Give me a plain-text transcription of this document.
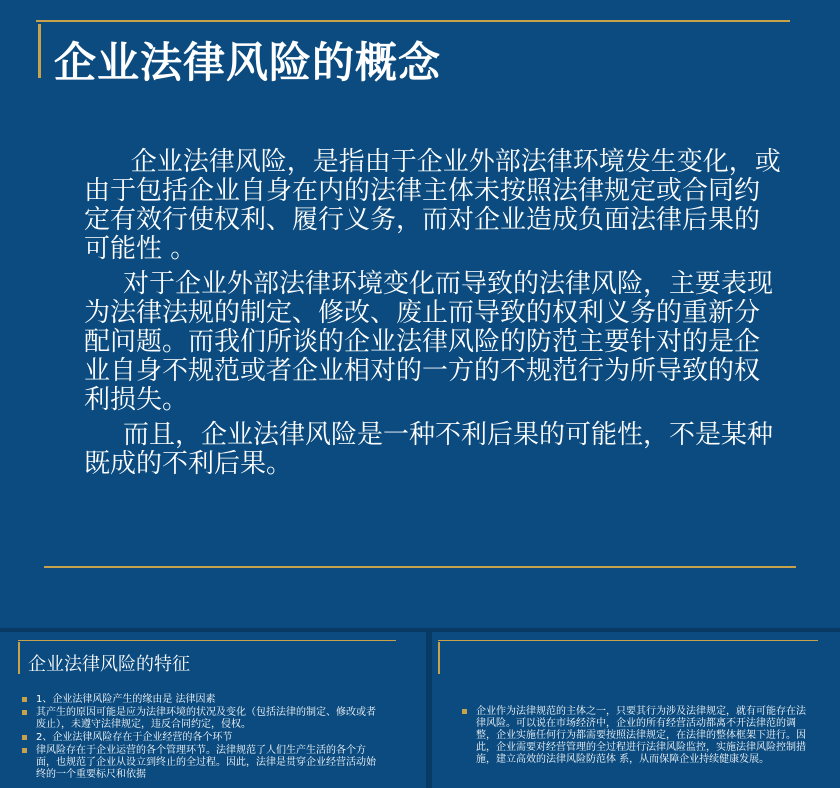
企业法律风险的概念

企业法律风险，是指由于企业外部法律环境发生变化，或由于包括企业自身在内的法律主体未按照法律规定或合同约定有效行使权利、履行义务，而对企业造成负面法律后果的可能性 。

对于企业外部法律环境变化而导致的法律风险，主要表现为法律法规的制定、修改、废止而导致的权利义务的重新分配问题。而我们所谈的企业法律风险的防范主要针对的是企业自身不规范或者企业相对的一方的不规范行为所导致的权利损失。

而且，企业法律风险是一种不利后果的可能性，不是某种既成的不利后果。

企业法律风险的特征
1、企业法律风险产生的缘由是 法律因素
其产生的原因可能是应为法律环境的状况及变化（包括法律的制定、修改或者废止），未遵守法律规定，违反合同约定，侵权。
2、企业法律风险存在于企业经营的各个环节
律风险存在于企业运营的各个管理环节。法律规范了人们生产生活的各个方面，也规范了企业从设立到终止的全过程。因此，法律是贯穿企业经营活动始终的一个重要标尺和依据
企业作为法律规范的主体之一，只要其行为涉及法律规定，就有可能存在法律风险。可以说在市场经济中，企业的所有经营活动都离不开法律范的调整，企业实施任何行为都需要按照法律规定，在法律的整体框架下进行。因此，企业需要对经营管理的全过程进行法律风险监控，实施法律风险控制措施，建立高效的法律风险防范体 系，从而保障企业持续健康发展。
